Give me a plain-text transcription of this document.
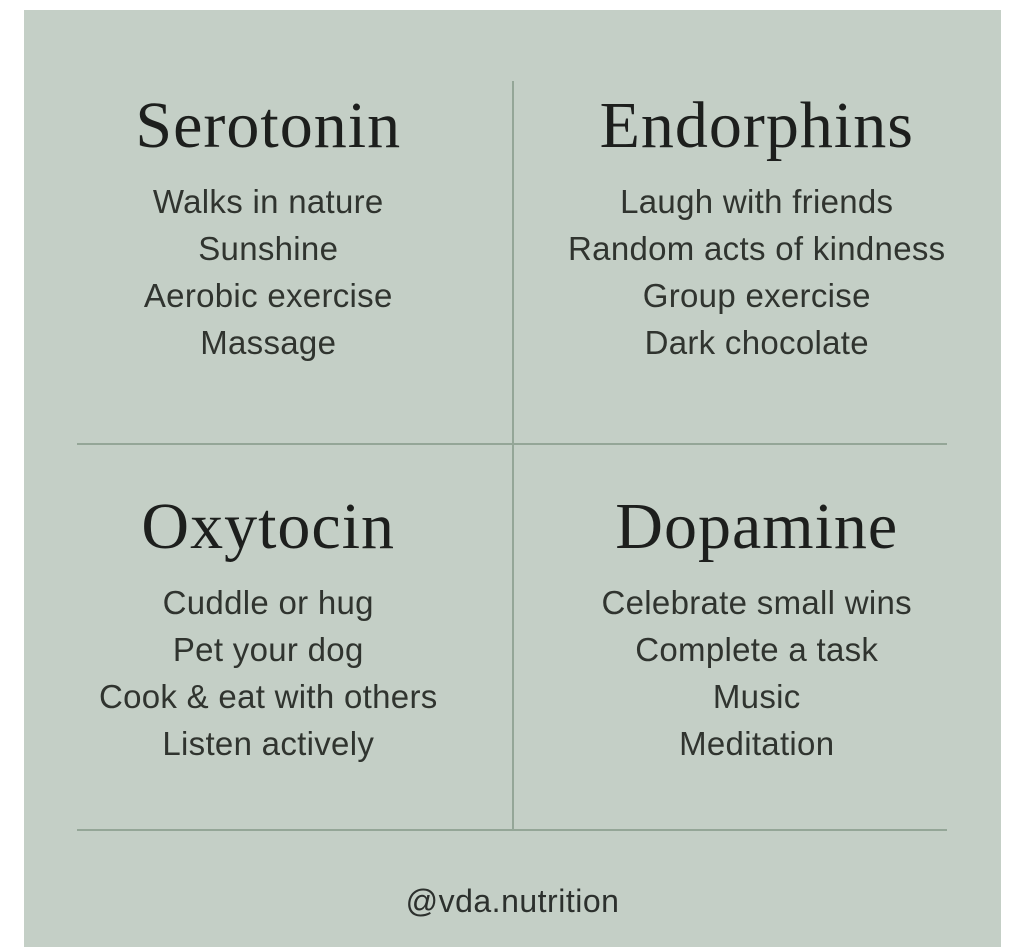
Serotonin
Walks in nature
Sunshine
Aerobic exercise
Massage
Endorphins
Laugh with friends
Random acts of kindness
Group exercise
Dark chocolate
Oxytocin
Cuddle or hug
Pet your dog
Cook & eat with others
Listen actively
Dopamine
Celebrate small wins
Complete a task
Music
Meditation
@vda.nutrition
